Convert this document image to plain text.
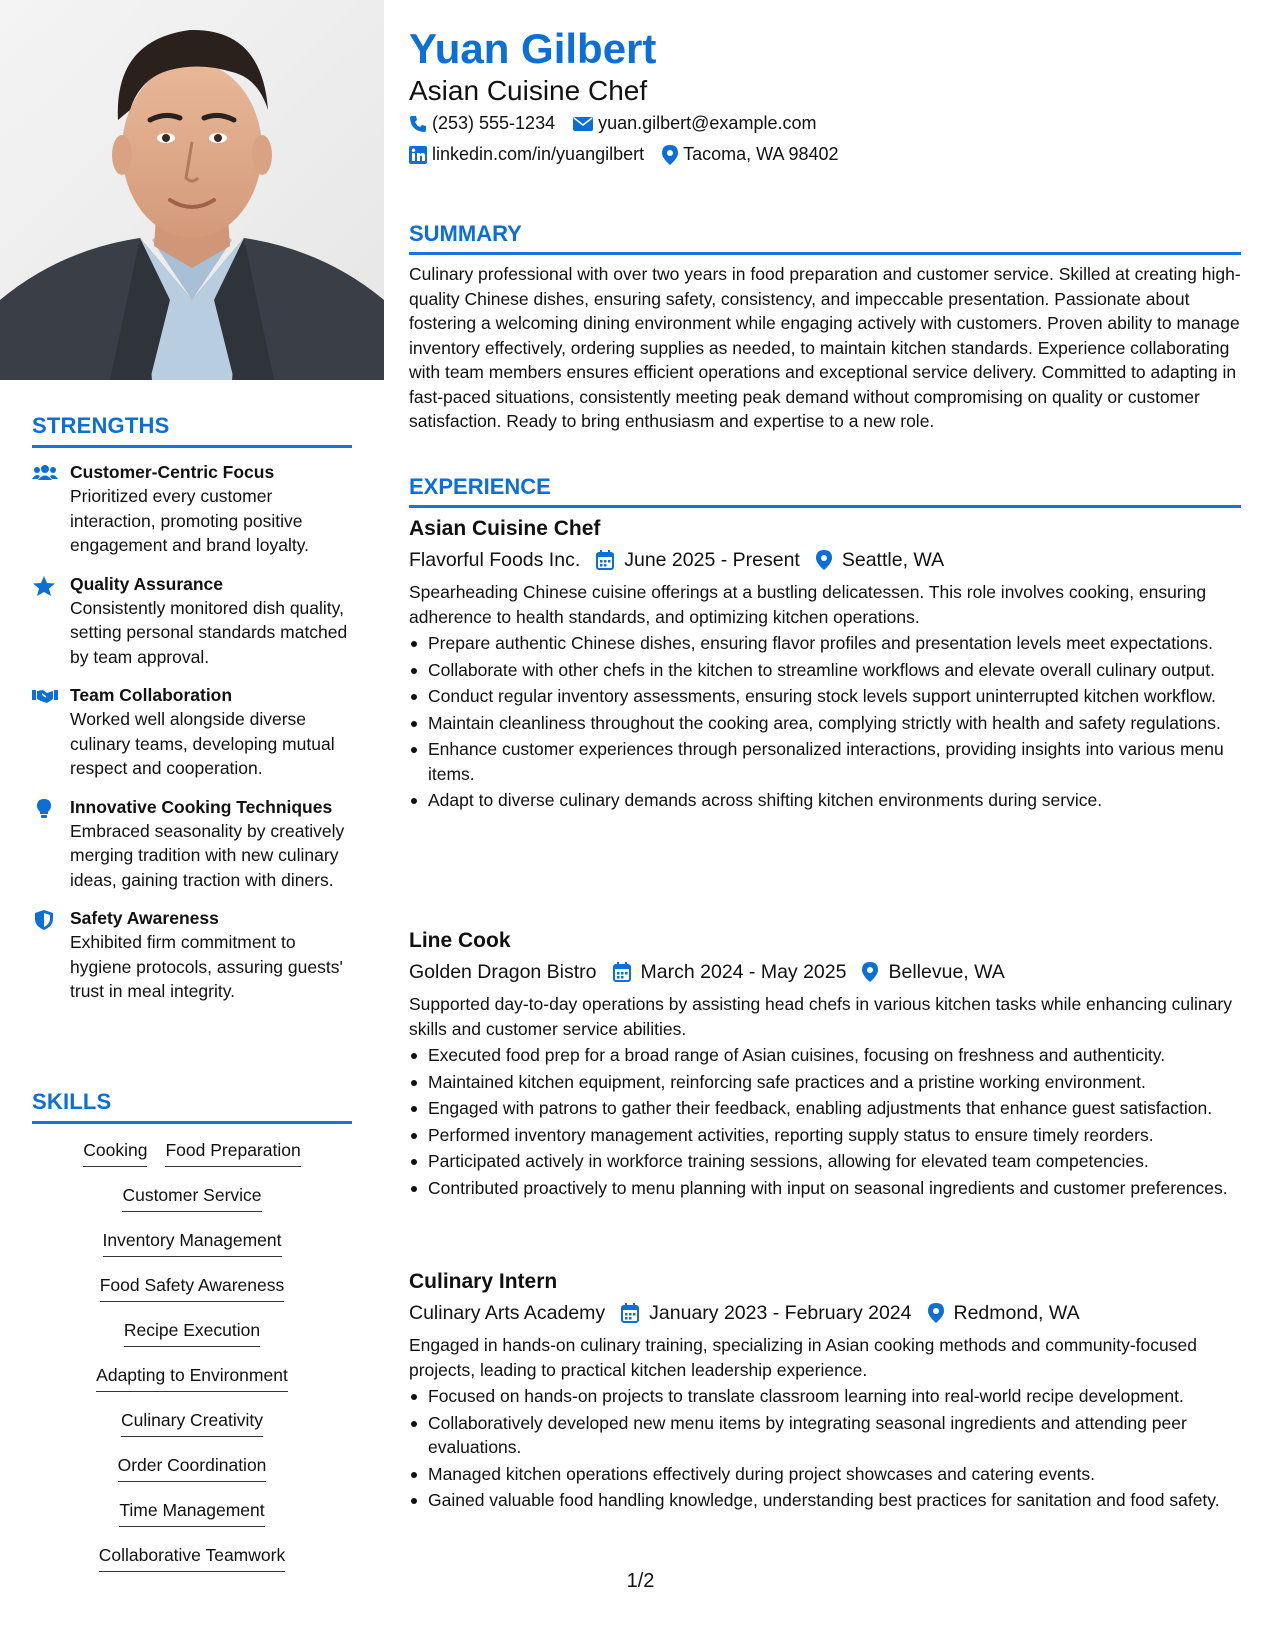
STRENGTHS
Customer-Centric Focus
Prioritized every customer interaction, promoting positive engagement and brand loyalty.
Quality Assurance
Consistently monitored dish quality, setting personal standards matched by team approval.
Team Collaboration
Worked well alongside diverse culinary teams, developing mutual respect and cooperation.
Innovative Cooking Techniques
Embraced seasonality by creatively merging tradition with new culinary ideas, gaining traction with diners.
Safety Awareness
Exhibited firm commitment to hygiene protocols, assuring guests' trust in meal integrity.
SKILLS
Cooking Food Preparation
Customer Service
Inventory Management
Food Safety Awareness
Recipe Execution
Adapting to Environment
Culinary Creativity
Order Coordination
Time Management
Collaborative Teamwork
Yuan Gilbert
Asian Cuisine Chef
(253) 555-1234 yuan.gilbert@example.com
linkedin.com/in/yuangilbert Tacoma, WA 98402
SUMMARY
Culinary professional with over two years in food preparation and customer service. Skilled at creating high-quality Chinese dishes, ensuring safety, consistency, and impeccable presentation. Passionate about fostering a welcoming dining environment while engaging actively with customers. Proven ability to manage inventory effectively, ordering supplies as needed, to maintain kitchen standards. Experience collaborating with team members ensures efficient operations and exceptional service delivery. Committed to adapting in fast-paced situations, consistently meeting peak demand without compromising on quality or customer satisfaction. Ready to bring enthusiasm and expertise to a new role.
EXPERIENCE
Asian Cuisine Chef
Flavorful Foods Inc. June 2025 - Present Seattle, WA
Spearheading Chinese cuisine offerings at a bustling delicatessen. This role involves cooking, ensuring adherence to health standards, and optimizing kitchen operations.
Prepare authentic Chinese dishes, ensuring flavor profiles and presentation levels meet expectations.
Collaborate with other chefs in the kitchen to streamline workflows and elevate overall culinary output.
Conduct regular inventory assessments, ensuring stock levels support uninterrupted kitchen workflow.
Maintain cleanliness throughout the cooking area, complying strictly with health and safety regulations.
Enhance customer experiences through personalized interactions, providing insights into various menu items.
Adapt to diverse culinary demands across shifting kitchen environments during service.
Line Cook
Golden Dragon Bistro March 2024 - May 2025 Bellevue, WA
Supported day-to-day operations by assisting head chefs in various kitchen tasks while enhancing culinary skills and customer service abilities.
Executed food prep for a broad range of Asian cuisines, focusing on freshness and authenticity.
Maintained kitchen equipment, reinforcing safe practices and a pristine working environment.
Engaged with patrons to gather their feedback, enabling adjustments that enhance guest satisfaction.
Performed inventory management activities, reporting supply status to ensure timely reorders.
Participated actively in workforce training sessions, allowing for elevated team competencies.
Contributed proactively to menu planning with input on seasonal ingredients and customer preferences.
Culinary Intern
Culinary Arts Academy January 2023 - February 2024 Redmond, WA
Engaged in hands-on culinary training, specializing in Asian cooking methods and community-focused projects, leading to practical kitchen leadership experience.
Focused on hands-on projects to translate classroom learning into real-world recipe development.
Collaboratively developed new menu items by integrating seasonal ingredients and attending peer evaluations.
Managed kitchen operations effectively during project showcases and catering events.
Gained valuable food handling knowledge, understanding best practices for sanitation and food safety.
1/2
